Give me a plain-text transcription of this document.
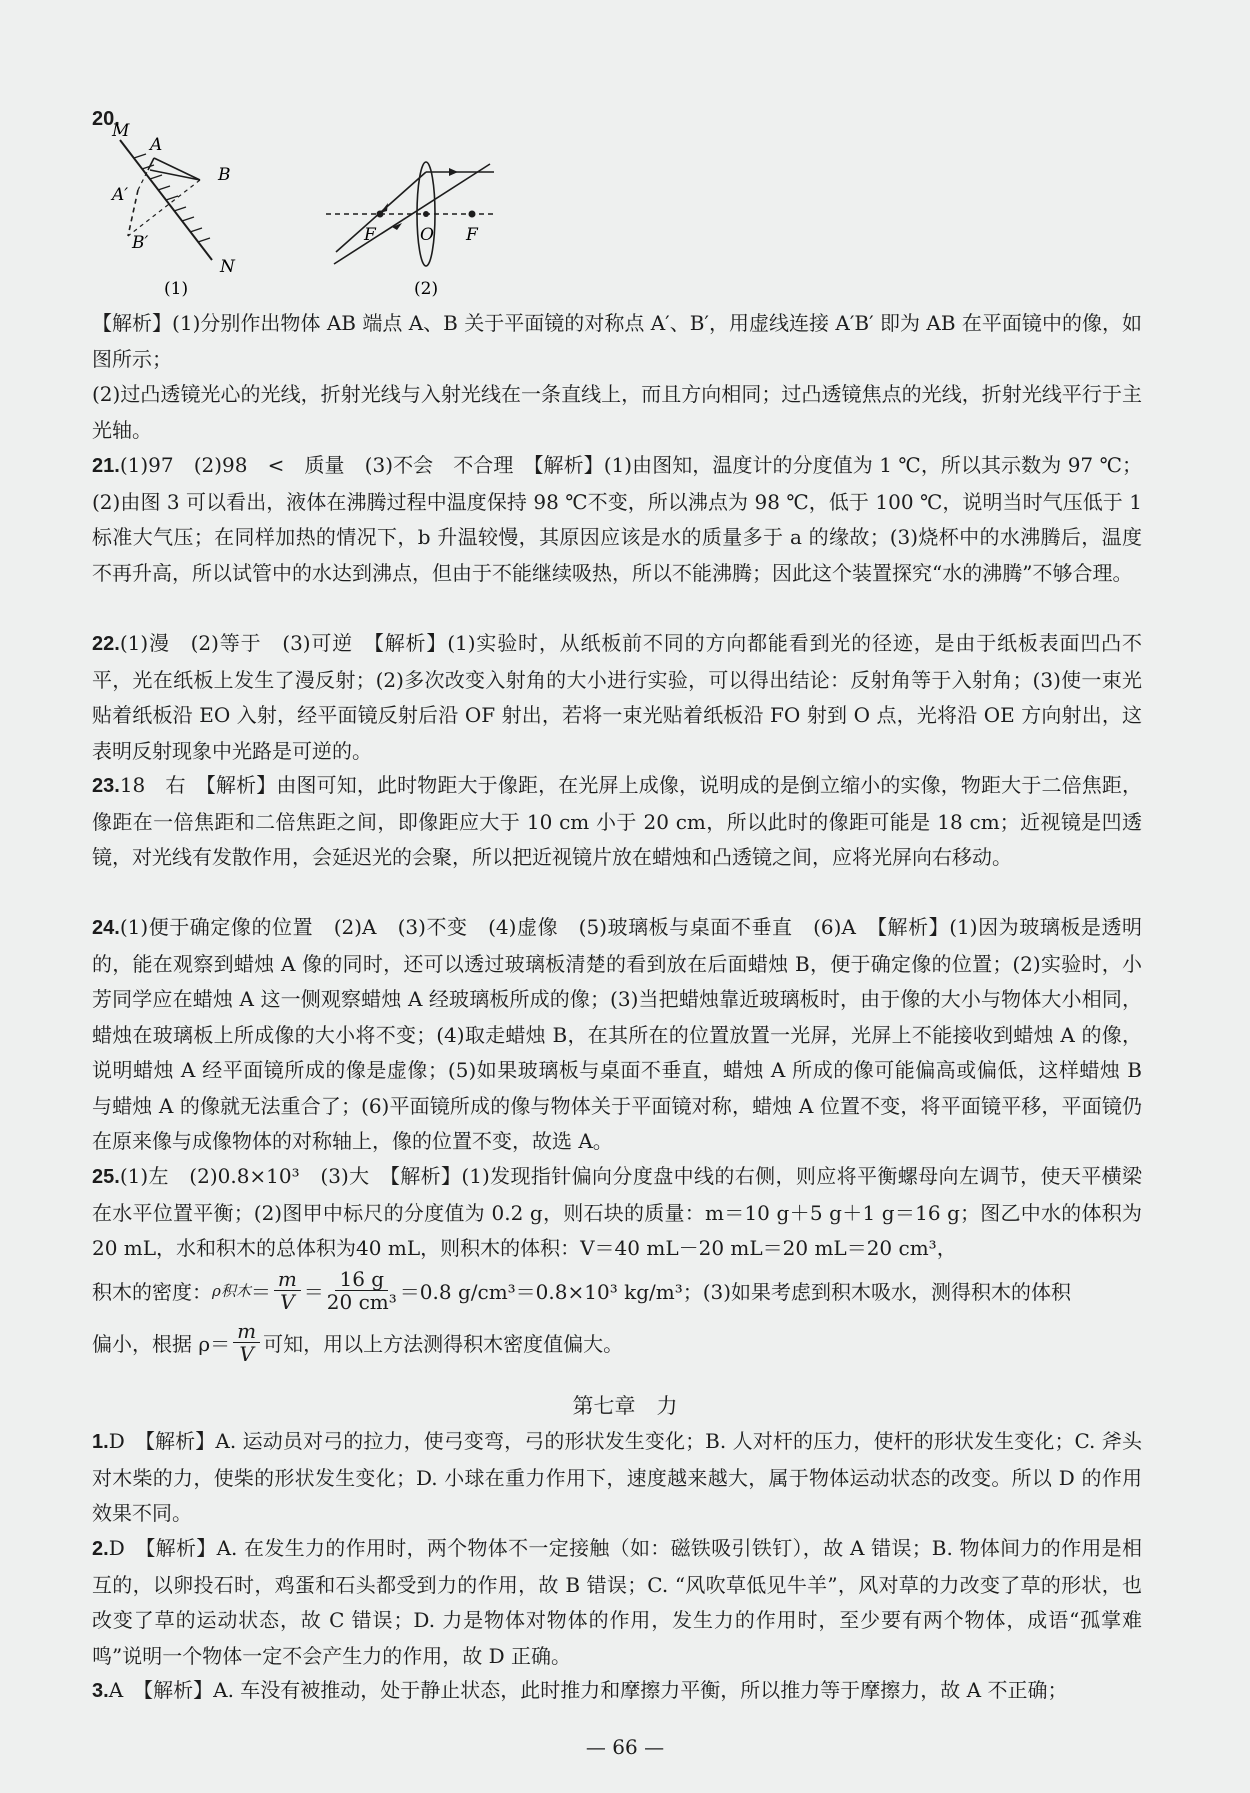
20.
M
A
B
A′
B′
N
(1)
F	O F
(2)

【解析】(1)分别作出物体 AB 端点 A、B 关于平面镜的对称点 A′、B′，用虚线连接 A′B′ 即为 AB 在平面镜中的像，如图所示；
(2)过凸透镜光心的光线，折射光线与入射光线在一条直线上，而且方向相同；过凸透镜焦点的光线，折射光线平行于主光轴。

21.(1)97　(2)98　<　质量　(3)不会　不合理　【解析】(1)由图知，温度计的分度值为 1 ℃，所以其示数为 97 ℃；(2)由图 3 可以看出，液体在沸腾过程中温度保持 98 ℃不变，所以沸点为 98 ℃，低于 100 ℃，说明当时气压低于 1 标准大气压；在同样加热的情况下，b 升温较慢，其原因应该是水的质量多于 a 的缘故；(3)烧杯中的水沸腾后，温度不再升高，所以试管中的水达到沸点，但由于不能继续吸热，所以不能沸腾；因此这个装置探究“水的沸腾”不够合理。

22.(1)漫　(2)等于　(3)可逆　【解析】(1)实验时，从纸板前不同的方向都能看到光的径迹，是由于纸板表面凹凸不平，光在纸板上发生了漫反射；(2)多次改变入射角的大小进行实验，可以得出结论：反射角等于入射角；(3)使一束光贴着纸板沿 EO 入射，经平面镜反射后沿 OF 射出，若将一束光贴着纸板沿 FO 射到 O 点，光将沿 OE 方向射出，这表明反射现象中光路是可逆的。

23.18　右　【解析】由图可知，此时物距大于像距，在光屏上成像，说明成的是倒立缩小的实像，物距大于二倍焦距，像距在一倍焦距和二倍焦距之间，即像距应大于 10 cm 小于 20 cm，所以此时的像距可能是 18 cm；近视镜是凹透镜，对光线有发散作用，会延迟光的会聚，所以把近视镜片放在蜡烛和凸透镜之间，应将光屏向右移动。

24.(1)便于确定像的位置　(2)A　(3)不变　(4)虚像　(5)玻璃板与桌面不垂直　(6)A　【解析】(1)因为玻璃板是透明的，能在观察到蜡烛 A 像的同时，还可以透过玻璃板清楚的看到放在后面蜡烛 B，便于确定像的位置；(2)实验时，小芳同学应在蜡烛 A 这一侧观察蜡烛 A 经玻璃板所成的像；(3)当把蜡烛靠近玻璃板时，由于像的大小与物体大小相同，蜡烛在玻璃板上所成像的大小将不变；(4)取走蜡烛 B，在其所在的位置放置一光屏，光屏上不能接收到蜡烛 A 的像，说明蜡烛 A 经平面镜所成的像是虚像；(5)如果玻璃板与桌面不垂直，蜡烛 A 所成的像可能偏高或偏低，这样蜡烛 B 与蜡烛 A 的像就无法重合了；(6)平面镜所成的像与物体关于平面镜对称，蜡烛 A 位置不变，将平面镜平移，平面镜仍在原来像与成像物体的对称轴上，像的位置不变，故选 A。

25.(1)左　(2)0.8×10³　(3)大　【解析】(1)发现指针偏向分度盘中线的右侧，则应将平衡螺母向左调节，使天平横梁在水平位置平衡；(2)图甲中标尺的分度值为 0.2 g，则石块的质量：m＝10 g＋5 g＋1 g＝16 g；图乙中水的体积为 20 mL，水和积木的总体积为40 mL，则积木的体积：V＝40 mL－20 mL＝20 mL＝20 cm³，

积木的密度： ρ积木 ＝
m
V ＝
16 g
20 cm³ ＝0.8 g/cm³＝0.8×10³ kg/m³；(3)如果考虑到积木吸水，测得积木的体积
偏小，根据 ρ＝
m
V 可知，用以上方法测得积木密度值偏大。
第七章　力

1.D　【解析】A. 运动员对弓的拉力，使弓变弯，弓的形状发生变化；B. 人对杆的压力，使杆的形状发生变化；C. 斧头对木柴的力，使柴的形状发生变化；D. 小球在重力作用下，速度越来越大，属于物体运动状态的改变。所以 D 的作用效果不同。

2.D　【解析】A. 在发生力的作用时，两个物体不一定接触（如：磁铁吸引铁钉），故 A 错误；B. 物体间力的作用是相互的，以卵投石时，鸡蛋和石头都受到力的作用，故 B 错误；C. “风吹草低见牛羊”，风对草的力改变了草的形状，也改变了草的运动状态，故 C 错误；D. 力是物体对物体的作用，发生力的作用时，至少要有两个物体，成语“孤掌难鸣”说明一个物体一定不会产生力的作用，故 D 正确。

3.A　【解析】A. 车没有被推动，处于静止状态，此时推力和摩擦力平衡，所以推力等于摩擦力，故 A 不正确；

— 66 —
